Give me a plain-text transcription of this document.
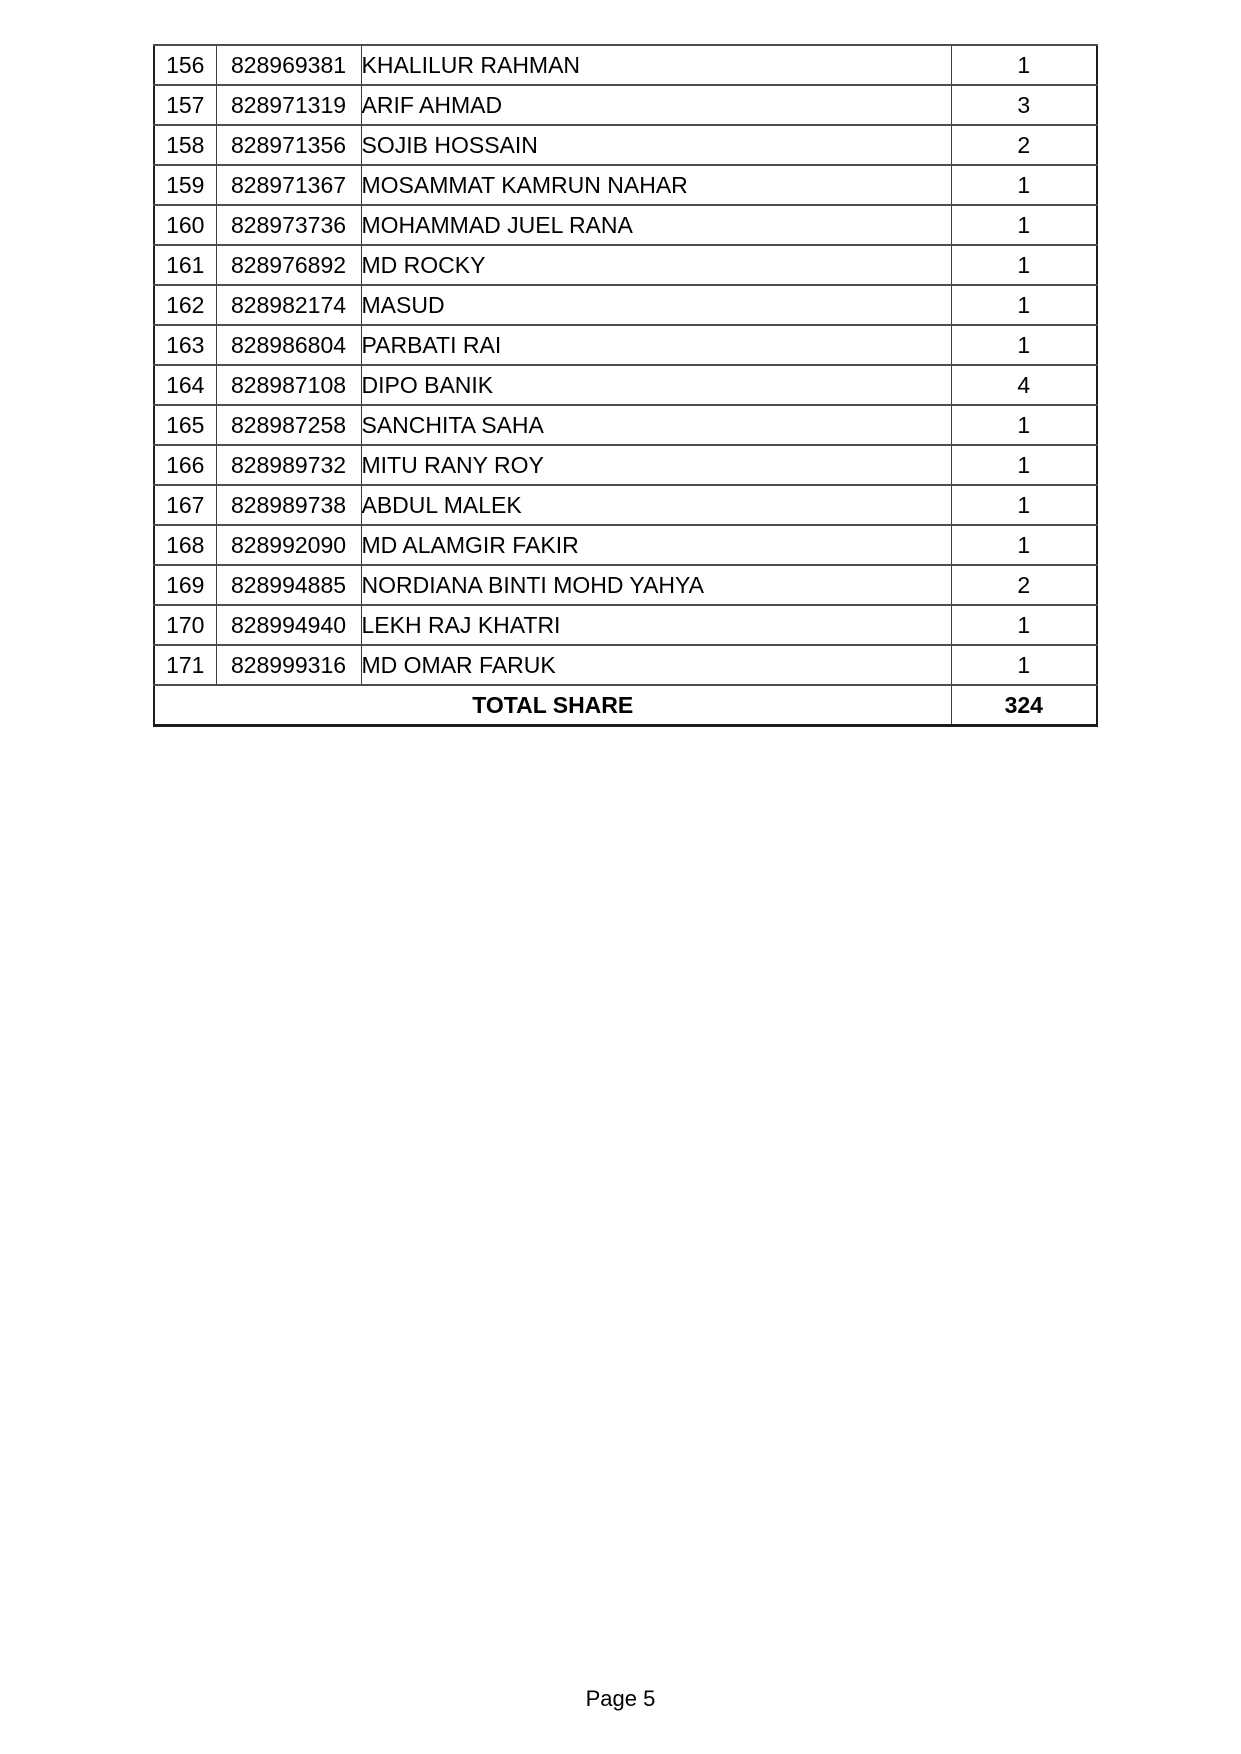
156	828969381	KHALILUR RAHMAN	1
157	828971319	ARIF AHMAD	3
158	828971356	SOJIB HOSSAIN	2
159	828971367	MOSAMMAT KAMRUN NAHAR	1
160	828973736	MOHAMMAD JUEL RANA	1
161	828976892	MD ROCKY	1
162	828982174	MASUD	1
163	828986804	PARBATI RAI	1
164	828987108	DIPO BANIK	4
165	828987258	SANCHITA SAHA	1
166	828989732	MITU RANY ROY	1
167	828989738	ABDUL MALEK	1
168	828992090	MD ALAMGIR FAKIR	1
169	828994885	NORDIANA BINTI MOHD YAHYA	2
170	828994940	LEKH RAJ KHATRI	1
171	828999316	MD OMAR FARUK	1
TOTAL SHARE			324
Page 5
